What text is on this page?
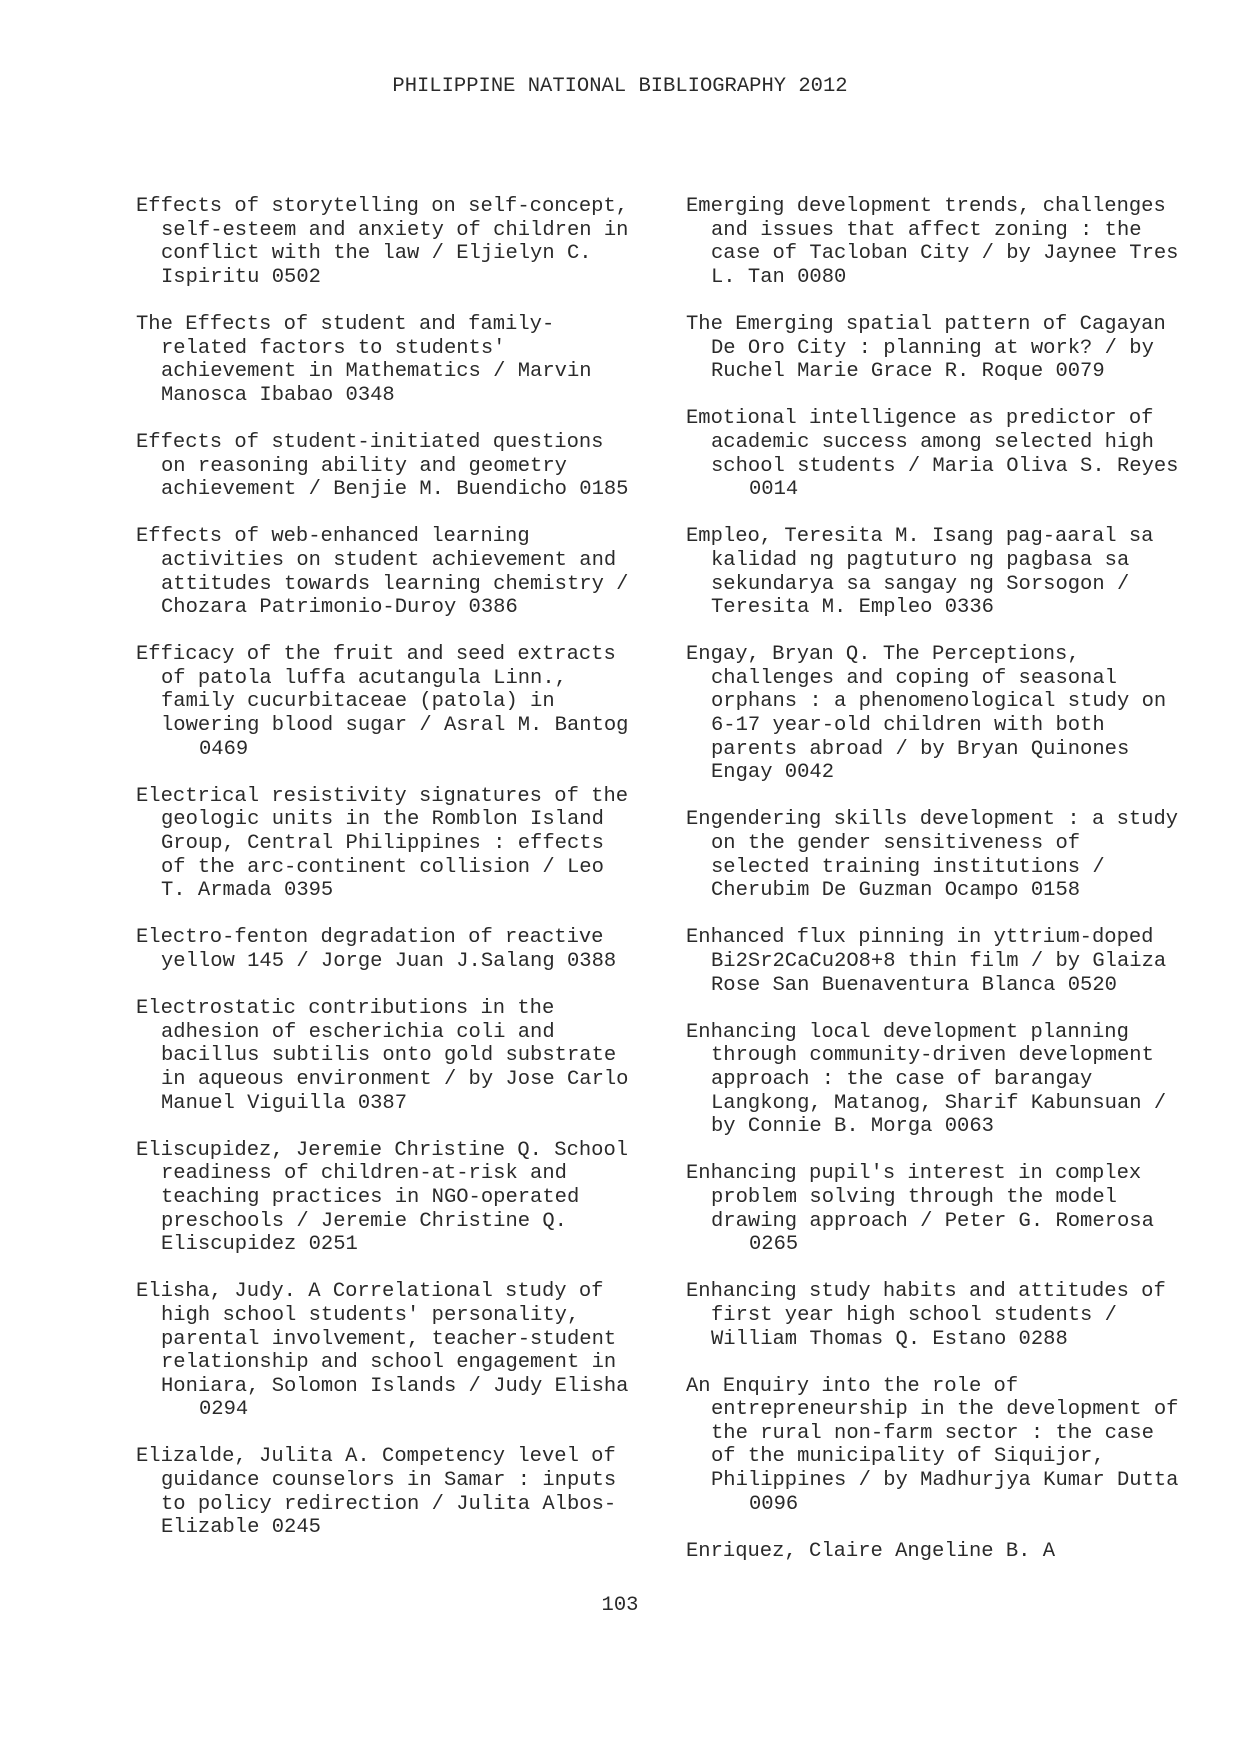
PHILIPPINE NATIONAL BIBLIOGRAPHY 2012
Effects of storytelling on self-concept,
self-esteem and anxiety of children in
conflict with the law / Eljielyn C.
Ispiritu 0502
The Effects of student and family-
related factors to students'
achievement in Mathematics / Marvin
Manosca Ibabao 0348
Effects of student-initiated questions
on reasoning ability and geometry
achievement / Benjie M. Buendicho 0185
Effects of web-enhanced learning
activities on student achievement and
attitudes towards learning chemistry /
Chozara Patrimonio-Duroy 0386
Efficacy of the fruit and seed extracts
of patola luffa acutangula Linn.,
family cucurbitaceae (patola) in
lowering blood sugar / Asral M. Bantog
0469
Electrical resistivity signatures of the
geologic units in the Romblon Island
Group, Central Philippines : effects
of the arc-continent collision / Leo
T. Armada 0395
Electro-fenton degradation of reactive
yellow 145 / Jorge Juan J.Salang 0388
Electrostatic contributions in the
adhesion of escherichia coli and
bacillus subtilis onto gold substrate
in aqueous environment / by Jose Carlo
Manuel Viguilla 0387
Eliscupidez, Jeremie Christine Q. School
readiness of children-at-risk and
teaching practices in NGO-operated
preschools / Jeremie Christine Q.
Eliscupidez 0251
Elisha, Judy. A Correlational study of
high school students' personality,
parental involvement, teacher-student
relationship and school engagement in
Honiara, Solomon Islands / Judy Elisha
0294
Elizalde, Julita A. Competency level of
guidance counselors in Samar : inputs
to policy redirection / Julita Albos-
Elizable 0245
Emerging development trends, challenges
and issues that affect zoning : the
case of Tacloban City / by Jaynee Tres
L. Tan 0080
The Emerging spatial pattern of Cagayan
De Oro City : planning at work? / by
Ruchel Marie Grace R. Roque 0079
Emotional intelligence as predictor of
academic success among selected high
school students / Maria Oliva S. Reyes
0014
Empleo, Teresita M. Isang pag-aaral sa
kalidad ng pagtuturo ng pagbasa sa
sekundarya sa sangay ng Sorsogon /
Teresita M. Empleo 0336
Engay, Bryan Q. The Perceptions,
challenges and coping of seasonal
orphans : a phenomenological study on
6-17 year-old children with both
parents abroad / by Bryan Quinones
Engay 0042
Engendering skills development : a study
on the gender sensitiveness of
selected training institutions /
Cherubim De Guzman Ocampo 0158
Enhanced flux pinning in yttrium-doped
Bi2Sr2CaCu2O8+8 thin film / by Glaiza
Rose San Buenaventura Blanca 0520
Enhancing local development planning
through community-driven development
approach : the case of barangay
Langkong, Matanog, Sharif Kabunsuan /
by Connie B. Morga 0063
Enhancing pupil's interest in complex
problem solving through the model
drawing approach / Peter G. Romerosa
0265
Enhancing study habits and attitudes of
first year high school students /
William Thomas Q. Estano 0288
An Enquiry into the role of
entrepreneurship in the development of
the rural non-farm sector : the case
of the municipality of Siquijor,
Philippines / by Madhurjya Kumar Dutta
0096
Enriquez, Claire Angeline B. A
103
